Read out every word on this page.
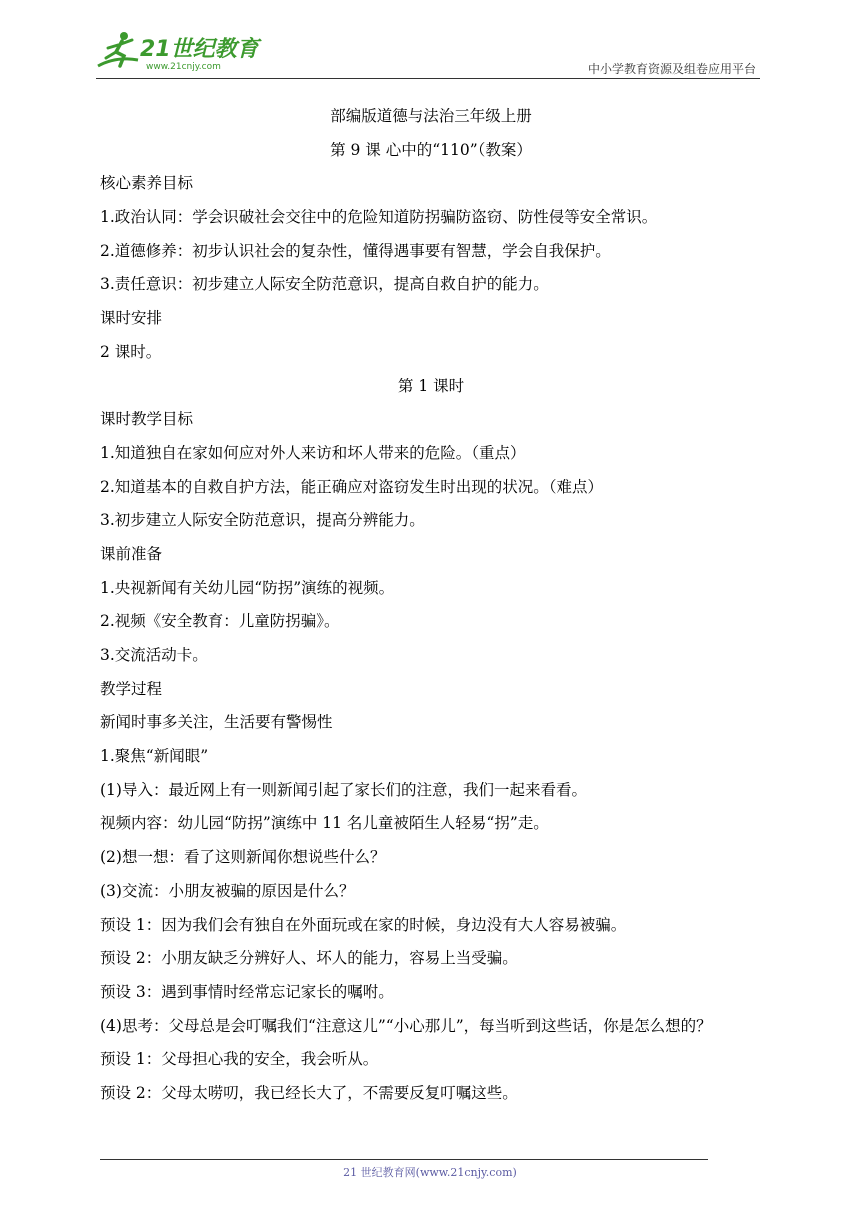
21世纪教育
www.21cnjy.com	中小学教育资源及组卷应用平台
部编版道德与法治三年级上册
第 9 课 心中的“110”（教案）
核心素养目标
1.政治认同：学会识破社会交往中的危险知道防拐骗防盗窃、防性侵等安全常识。
2.道德修养：初步认识社会的复杂性，懂得遇事要有智慧，学会自我保护。
3.责任意识：初步建立人际安全防范意识，提高自救自护的能力。
课时安排
2 课时。
第 1 课时
课时教学目标
1.知道独自在家如何应对外人来访和坏人带来的危险。（重点）
2.知道基本的自救自护方法，能正确应对盗窃发生时出现的状况。（难点）
3.初步建立人际安全防范意识，提高分辨能力。
课前准备
1.央视新闻有关幼儿园“防拐”演练的视频。
2.视频《安全教育：儿童防拐骗》。
3.交流活动卡。
教学过程
新闻时事多关注，生活要有警惕性
1.聚焦“新闻眼”
(1)导入：最近网上有一则新闻引起了家长们的注意，我们一起来看看。
视频内容：幼儿园“防拐”演练中 11 名儿童被陌生人轻易“拐”走。
(2)想一想：看了这则新闻你想说些什么？
(3)交流：小朋友被骗的原因是什么？
预设 1：因为我们会有独自在外面玩或在家的时候，身边没有大人容易被骗。
预设 2：小朋友缺乏分辨好人、坏人的能力，容易上当受骗。
预设 3：遇到事情时经常忘记家长的嘱咐。
(4)思考：父母总是会叮嘱我们“注意这儿”“小心那儿”，每当听到这些话，你是怎么想的？
预设 1：父母担心我的安全，我会听从。
预设 2：父母太唠叨，我已经长大了，不需要反复叮嘱这些。
21 世纪教育网(www.21cnjy.com)
